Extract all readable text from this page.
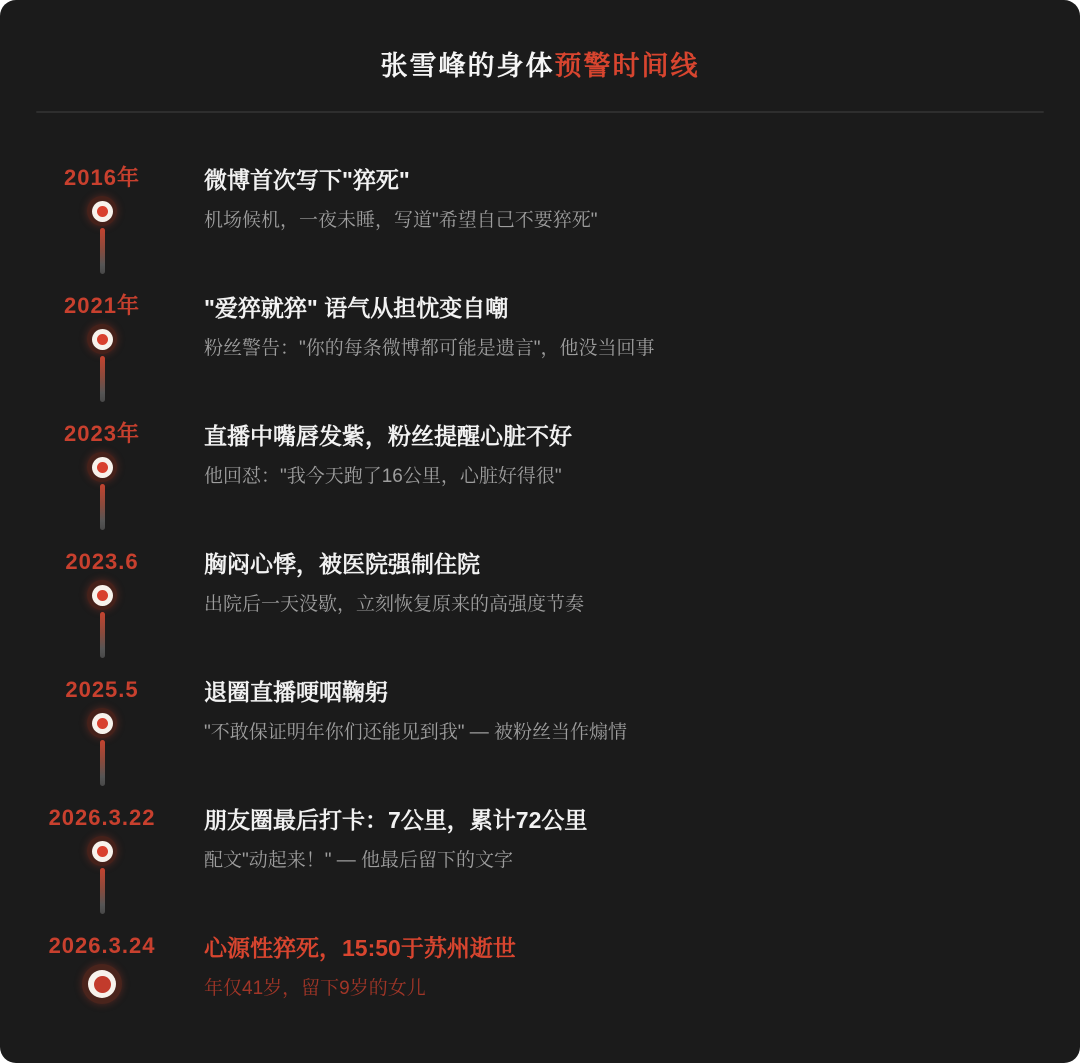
张雪峰的身体预警时间线
2016年	微博首次写下"猝死"
机场候机，一夜未睡，写道"希望自己不要猝死"
2021年	"爱猝就猝" 语气从担忧变自嘲
粉丝警告："你的每条微博都可能是遗言"，他没当回事
2023年	直播中嘴唇发紫，粉丝提醒心脏不好
他回怼："我今天跑了16公里，心脏好得很"
2023.6	胸闷心悸，被医院强制住院
出院后一天没歇，立刻恢复原来的高强度节奏
2025.5	退圈直播哽咽鞠躬
"不敢保证明年你们还能见到我" — 被粉丝当作煽情
2026.3.22 朋友圈最后打卡：7公里，累计72公里
配文"动起来！" — 他最后留下的文字
2026.3.24 心源性猝死，15:50于苏州逝世
年仅41岁，留下9岁的女儿
